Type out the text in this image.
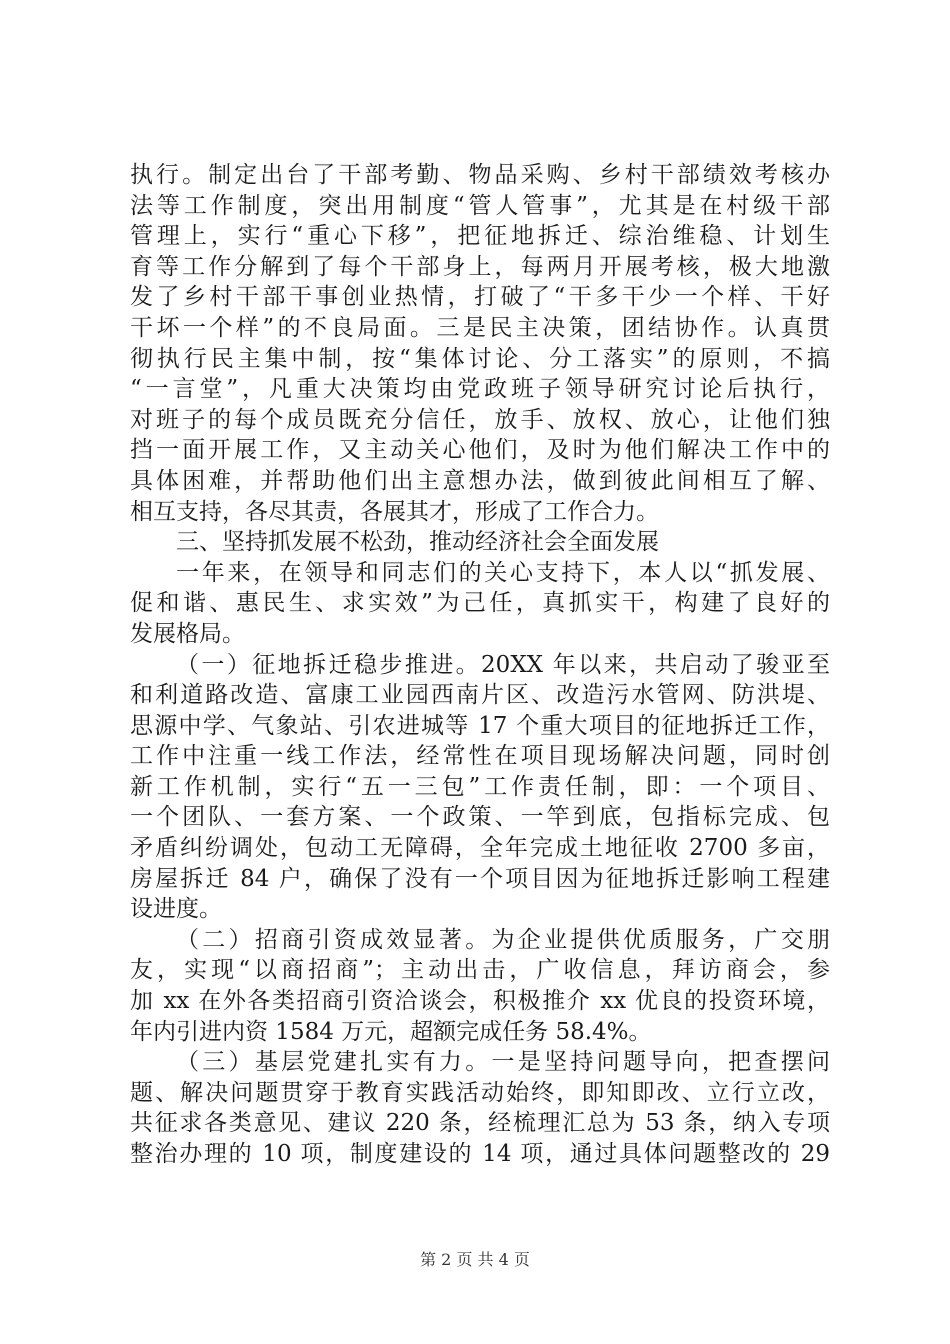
执行。制定出台了干部考勤、物品采购、乡村干部绩效考核办
法等工作制度，突出用制度“管人管事”，尤其是在村级干部
管理上，实行“重心下移”，把征地拆迁、综治维稳、计划生
育等工作分解到了每个干部身上，每两月开展考核，极大地激
发了乡村干部干事创业热情，打破了“干多干少一个样、干好
干坏一个样”的不良局面。三是民主决策，团结协作。认真贯
彻执行民主集中制，按“集体讨论、分工落实”的原则，不搞
“一言堂”，凡重大决策均由党政班子领导研究讨论后执行，
对班子的每个成员既充分信任，放手、放权、放心，让他们独
挡一面开展工作，又主动关心他们，及时为他们解决工作中的
具体困难，并帮助他们出主意想办法，做到彼此间相互了解、
相互支持，各尽其责，各展其才，形成了工作合力。
三、坚持抓发展不松劲，推动经济社会全面发展
一年来，在领导和同志们的关心支持下，本人以“抓发展、
促和谐、惠民生、求实效”为己任，真抓实干，构建了良好的
发展格局。
（一）征地拆迁稳步推进。20XX 年以来，共启动了骏亚至
和利道路改造、富康工业园西南片区、改造污水管网、防洪堤、
思源中学、气象站、引农进城等 17 个重大项目的征地拆迁工作，
工作中注重一线工作法，经常性在项目现场解决问题，同时创
新工作机制，实行“五一三包”工作责任制，即：一个项目、
一个团队、一套方案、一个政策、一竿到底，包指标完成、包
矛盾纠纷调处，包动工无障碍，全年完成土地征收 2700 多亩，
房屋拆迁 84 户，确保了没有一个项目因为征地拆迁影响工程建
设进度。
（二）招商引资成效显著。为企业提供优质服务，广交朋
友，实现“以商招商”；主动出击，广收信息，拜访商会，参
加 xx 在外各类招商引资洽谈会，积极推介 xx 优良的投资环境，
年内引进内资 1584 万元，超额完成任务 58.4%。
（三）基层党建扎实有力。一是坚持问题导向，把查摆问
题、解决问题贯穿于教育实践活动始终，即知即改、立行立改，
共征求各类意见、建议 220 条，经梳理汇总为 53 条，纳入专项
整治办理的 10 项，制度建设的 14 项，通过具体问题整改的 29
第 2 页 共 4 页
